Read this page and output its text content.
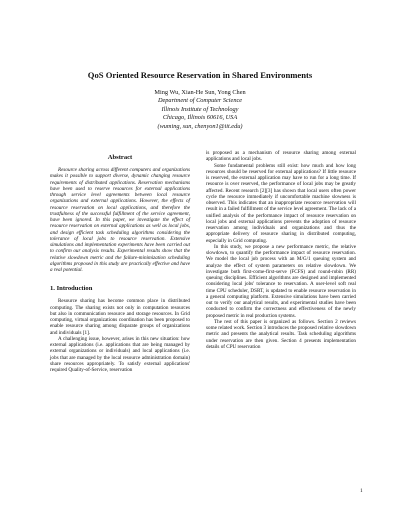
QoS Oriented Resource Reservation in Shared Environments
Ming Wu, Xian-He Sun, Yong Chen
Department of Computer Science
Illinois Institute of Technology
Chicago, Illinois 60616, USA
(wuming, sun, chenyon1@iit.edu)
Abstract

Resource sharing across different computers and organizations makes it possible to support diverse, dynamic changing resource requirements of distributed applications. Reservation mechanisms have been used to reserve resources for external applications through service level agreements between local resource organizations and external applications. However, the effects of resource reservation on local applications, and therefore the trustfulness of the successful fulfillment of the service agreement, have been ignored. In this paper, we investigate the effect of resource reservation on external applications as well as local jobs, and design efficient task scheduling algorithms considering the tolerance of local jobs to resource reservation. Extensive simulations and implementation experiments have been carried out to confirm our analysis results. Experimental results show that the relative slowdown metric and the failure-minimization scheduling algorithms proposed in this study are practically effective and have a real potential.

1. Introduction

Resource sharing has become common place in distributed computing. The sharing exists not only in computation resources but also in communication resource and storage resources. In Grid computing, virtual organizations coordination has been proposed to enable resource sharing among disparate groups of organizations and individuals [1].

A challenging issue, however, arises in this new situation: how external applications (i.e. applications that are being managed by external organizations or individuals) and local applications (i.e. jobs that are managed by the local resource administration domain) share resources appropriately. To satisfy external applications' required Quality-of-Service, reservation

is proposed as a mechanism of resource sharing among external applications and local jobs.

Some fundamental problems still exist: how much and how long resources should be reserved for external applications? If little resource is reserved, the external application may have to run for a long time. If resource is over reserved, the performance of local jobs may be greatly affected. Recent research [2][3] has shown that local users often power cycle the resource immediately if uncomfortable machine slowness is observed. This indicates that an inappropriate resource reservation will result in a failed fulfillment of the service level agreement. The lack of a unified analysis of the performance impact of resource reservation on local jobs and external applications prevents the adoption of resource reservation among individuals and organizations and thus the appropriate delivery of resource sharing in distributed computing, especially in Grid computing.

In this study, we propose a new performance metric, the relative slowdown, to quantify the performance impact of resource reservation. We model the local job process with an M/G/1 queuing system and analyze the effect of system parameters on relative slowdown. We investigate both first-come-first-serve (FCFS) and round-robin (RR) queuing disciplines. Efficient algorithms are designed and implemented considering local jobs' tolerance to reservation. A user-level soft real time CPU scheduler, DSRT, is updated to enable resource reservation in a general computing platform. Extensive simulations have been carried out to verify our analytical results, and experimental studies have been conducted to confirm the correctness and effectiveness of the newly proposed metric in real production systems.

The rest of this paper is organized as follows. Section 2 reviews some related work. Section 3 introduces the proposed relative slowdown metric and presents the analytical results. Task scheduling algorithms under reservation are then given. Section 4 presents implementation details of CPU reservation

1
